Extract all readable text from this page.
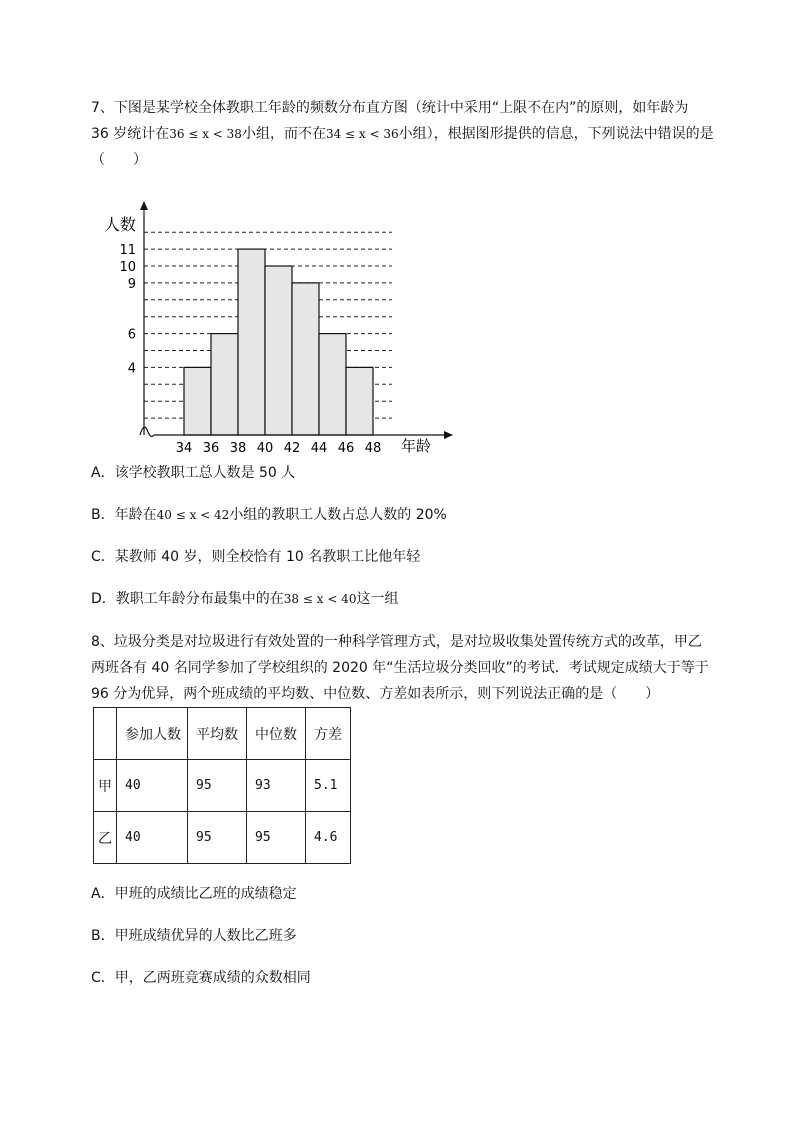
7、下图是某学校全体教职工年龄的频数分布直方图（统计中采用“上限不在内”的原则，如年龄为
36 岁统计在36 ≤ x < 38小组，而不在34 ≤ x < 36小组），根据图形提供的信息，下列说法中错误的是
（　　）
4
6
9
10
11
34 36 38 40 42 44 46 48
人数
年龄
A．该学校教职工总人数是 50 人
B．年龄在40 ≤ x < 42小组的教职工人数占总人数的 20%
C．某教师 40 岁，则全校恰有 10 名教职工比他年轻
D．教职工年龄分布最集中的在38 ≤ x < 40这一组
8、垃圾分类是对垃圾进行有效处置的一种科学管理方式，是对垃圾收集处置传统方式的改革，甲乙
两班各有 40 名同学参加了学校组织的 2020 年“生活垃圾分类回收”的考试．考试规定成绩大于等于
96 分为优异，两个班成绩的平均数、中位数、方差如表所示，则下列说法正确的是（　　）
	参加人数	平均数	中位数	方差
甲	40	95	93	5.1
乙	40	95	95	4.6
A．甲班的成绩比乙班的成绩稳定
B．甲班成绩优异的人数比乙班多
C．甲，乙两班竞赛成绩的众数相同
